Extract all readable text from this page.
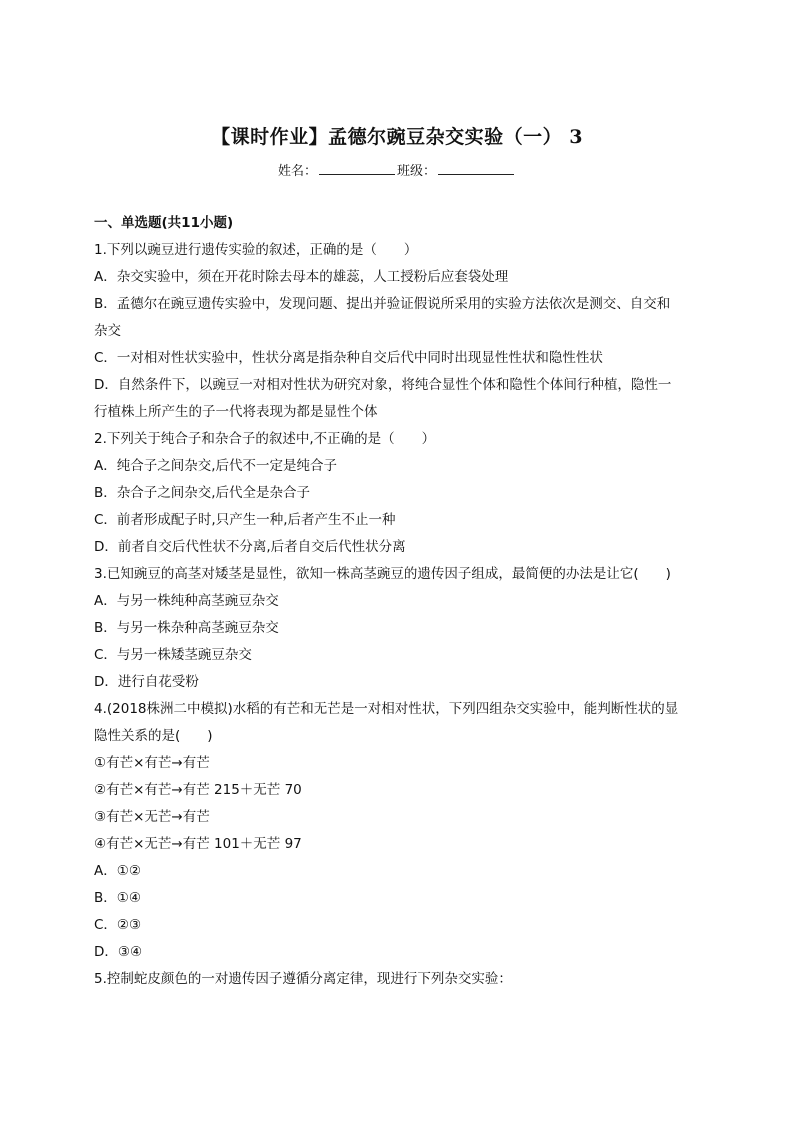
【课时作业】孟德尔豌豆杂交实验（一） 3
姓名：	班级：
一、单选题(共11小题)
1.下列以豌豆进行遗传实验的叙述，正确的是（　　）
A．杂交实验中，须在开花时除去母本的雄蕊，人工授粉后应套袋处理
B．孟德尔在豌豆遗传实验中，发现问题、提出并验证假说所采用的实验方法依次是测交、自交和
杂交
C．一对相对性状实验中，性状分离是指杂种自交后代中同时出现显性性状和隐性性状
D．自然条件下，以豌豆一对相对性状为研究对象，将纯合显性个体和隐性个体间行种植，隐性一
行植株上所产生的子一代将表现为都是显性个体
2.下列关于纯合子和杂合子的叙述中,不正确的是（　　）
A．纯合子之间杂交,后代不一定是纯合子
B．杂合子之间杂交,后代全是杂合子
C．前者形成配子时,只产生一种,后者产生不止一种
D．前者自交后代性状不分离,后者自交后代性状分离
3.已知豌豆的高茎对矮茎是显性，欲知一株高茎豌豆的遗传因子组成，最简便的办法是让它(　　)
A．与另一株纯种高茎豌豆杂交
B．与另一株杂种高茎豌豆杂交
C．与另一株矮茎豌豆杂交
D．进行自花受粉
4.(2018株洲二中模拟)水稻的有芒和无芒是一对相对性状，下列四组杂交实验中，能判断性状的显
隐性关系的是(　　)
①有芒×有芒→有芒
②有芒×有芒→有芒 215＋无芒 70
③有芒×无芒→有芒
④有芒×无芒→有芒 101＋无芒 97
A．①②
B．①④
C．②③
D．③④
5.控制蛇皮颜色的一对遗传因子遵循分离定律，现进行下列杂交实验：
